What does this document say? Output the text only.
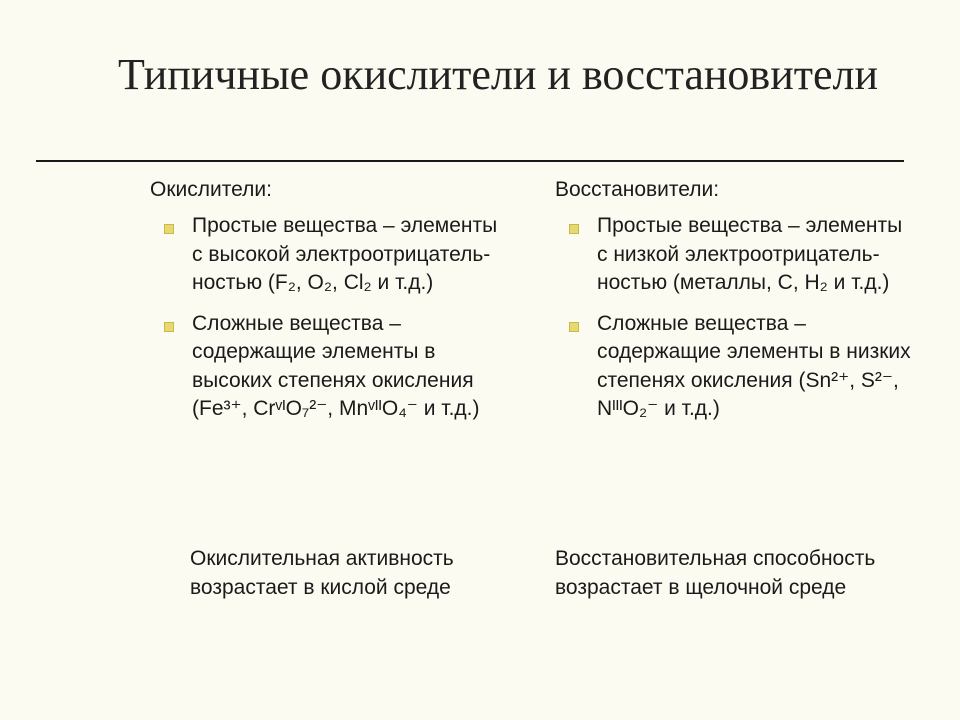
Типичные окислители и восстановители

Окислители:

Простые вещества – элементы с высокой электроотрицатель-ностью (F₂, O₂, Cl₂ и т.д.)
Сложные вещества – содержащие элементы в высоких степенях окисления (Fe³⁺, CrᵛᴵO₇²⁻, MnᵛᴵᴵO₄⁻ и т.д.)

Восстановители:

Простые вещества – элементы с низкой электроотрицатель-ностью (металлы, C, H₂ и т.д.)
Сложные вещества – содержащие элементы в низких степенях окисления (Sn²⁺, S²⁻, NᴵᴵᴵO₂⁻ и т.д.)

Окислительная активность возрастает в кислой среде

Восстановительная способность возрастает в щелочной среде
